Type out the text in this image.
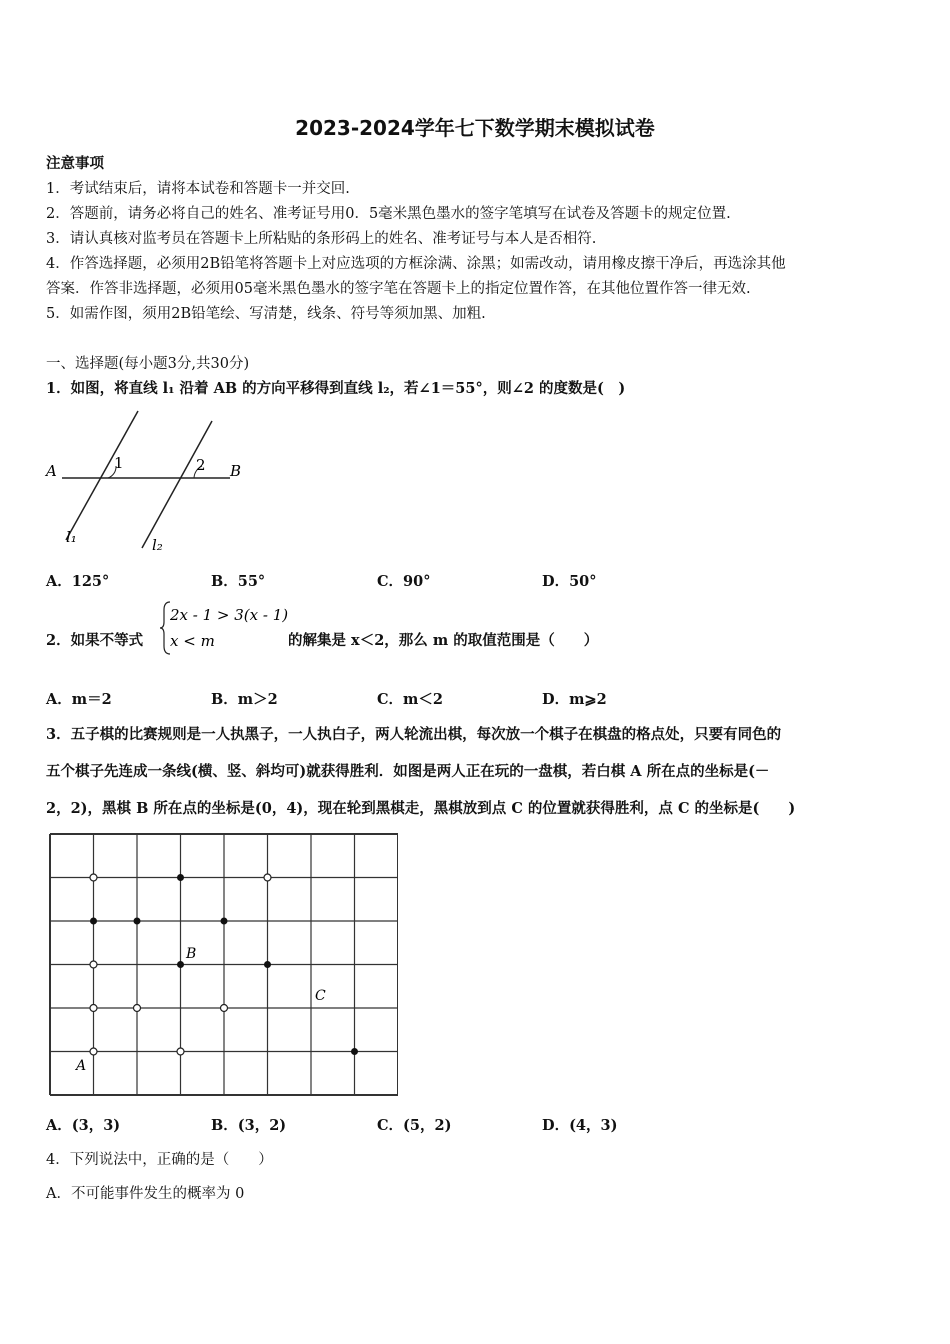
2023-2024学年七下数学期末模拟试卷
注意事项
1．考试结束后，请将本试卷和答题卡一并交回.
2．答题前，请务必将自己的姓名、准考证号用0．5毫米黑色墨水的签字笔填写在试卷及答题卡的规定位置.
3．请认真核对监考员在答题卡上所粘贴的条形码上的姓名、准考证号与本人是否相符.
4．作答选择题，必须用2B铅笔将答题卡上对应选项的方框涂满、涂黑；如需改动，请用橡皮擦干净后，再选涂其他
答案．作答非选择题，必须用05毫米黑色墨水的签字笔在答题卡上的指定位置作答，在其他位置作答一律无效.
5．如需作图，须用2B铅笔绘、写清楚，线条、符号等须加黑、加粗.
一、选择题(每小题3分,共30分)
1．如图，将直线 l₁ 沿着 AB 的方向平移得到直线 l₂，若∠1＝55°，则∠2 的度数是(　)
A	B
1	2
l₁	l₂
A．125°	B．55°	C．90°	D．50°
2．如果不等式
2x - 1 > 3(x - 1)
x < m	的解集是 x＜2，那么 m 的取值范围是（　　）
A．m＝2	B．m＞2	C．m＜2	D．m⩾2
3．五子棋的比赛规则是一人执黑子，一人执白子，两人轮流出棋，每次放一个棋子在棋盘的格点处，只要有同色的
五个棋子先连成一条线(横、竖、斜均可)就获得胜利．如图是两人正在玩的一盘棋，若白棋 A 所在点的坐标是(－
2，2)，黑棋 B 所在点的坐标是(0，4)，现在轮到黑棋走，黑棋放到点 C 的位置就获得胜利，点 C 的坐标是(　　)
A
B
C
A．(3，3)	B．(3，2)	C．(5，2)	D．(4，3)
4．下列说法中，正确的是（　　）
A．不可能事件发生的概率为 0
